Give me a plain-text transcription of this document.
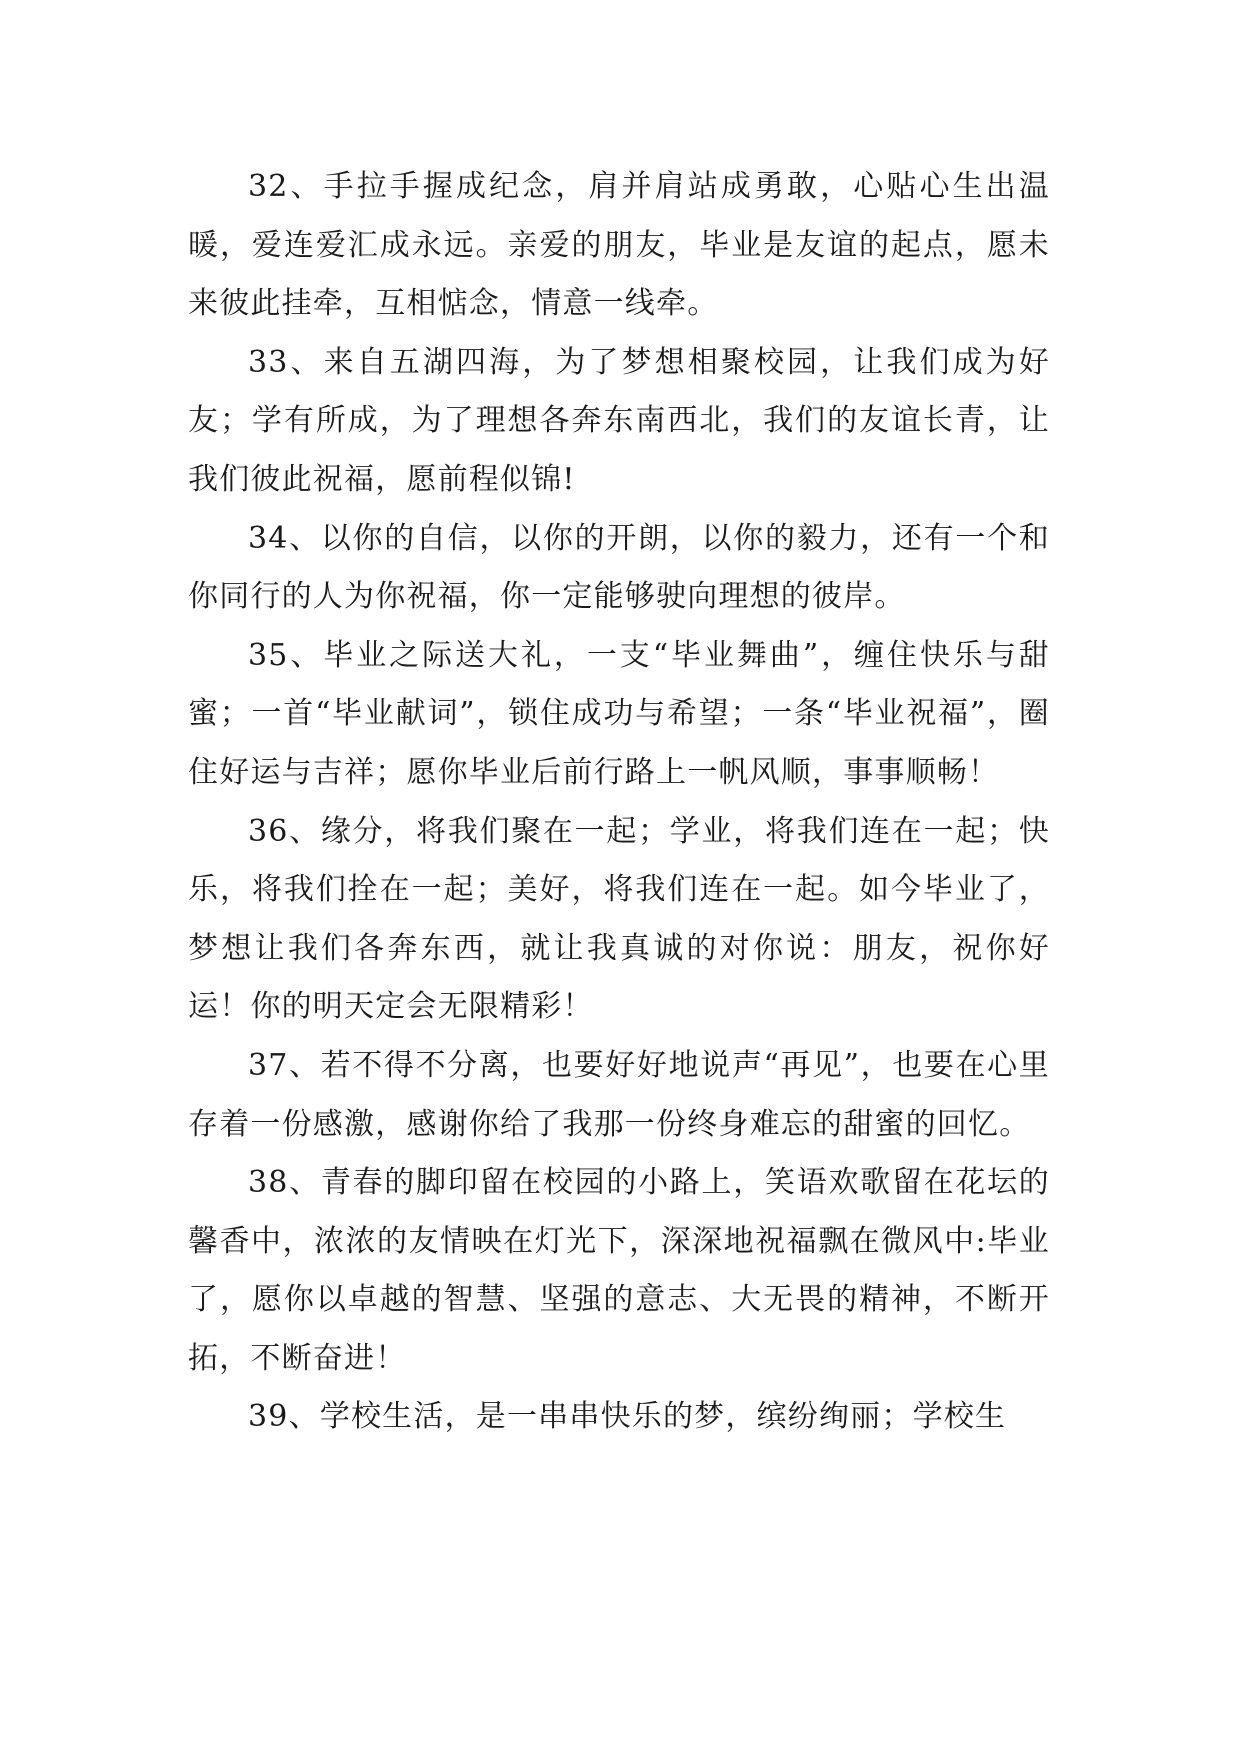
32、手拉手握成纪念，肩并肩站成勇敢，心贴心生出温暖，爱连爱汇成永远。亲爱的朋友，毕业是友谊的起点，愿未来彼此挂牵，互相惦念，情意一线牵。

33、来自五湖四海，为了梦想相聚校园，让我们成为好友；学有所成，为了理想各奔东南西北，我们的友谊长青，让我们彼此祝福，愿前程似锦!

34、以你的自信，以你的开朗，以你的毅力，还有一个和你同行的人为你祝福，你一定能够驶向理想的彼岸。

35、毕业之际送大礼，一支“毕业舞曲”，缠住快乐与甜蜜；一首“毕业献词”，锁住成功与希望；一条“毕业祝福”，圈住好运与吉祥；愿你毕业后前行路上一帆风顺，事事顺畅！

36、缘分，将我们聚在一起；学业，将我们连在一起；快乐，将我们拴在一起；美好，将我们连在一起。如今毕业了，梦想让我们各奔东西，就让我真诚的对你说：朋友，祝你好运！你的明天定会无限精彩！

37、若不得不分离，也要好好地说声“再见”，也要在心里存着一份感激，感谢你给了我那一份终身难忘的甜蜜的回忆。

38、青春的脚印留在校园的小路上，笑语欢歌留在花坛的馨香中，浓浓的友情映在灯光下，深深地祝福飘在微风中:毕业了，愿你以卓越的智慧、坚强的意志、大无畏的精神，不断开拓，不断奋进！

39、学校生活，是一串串快乐的梦，缤纷绚丽；学校生
